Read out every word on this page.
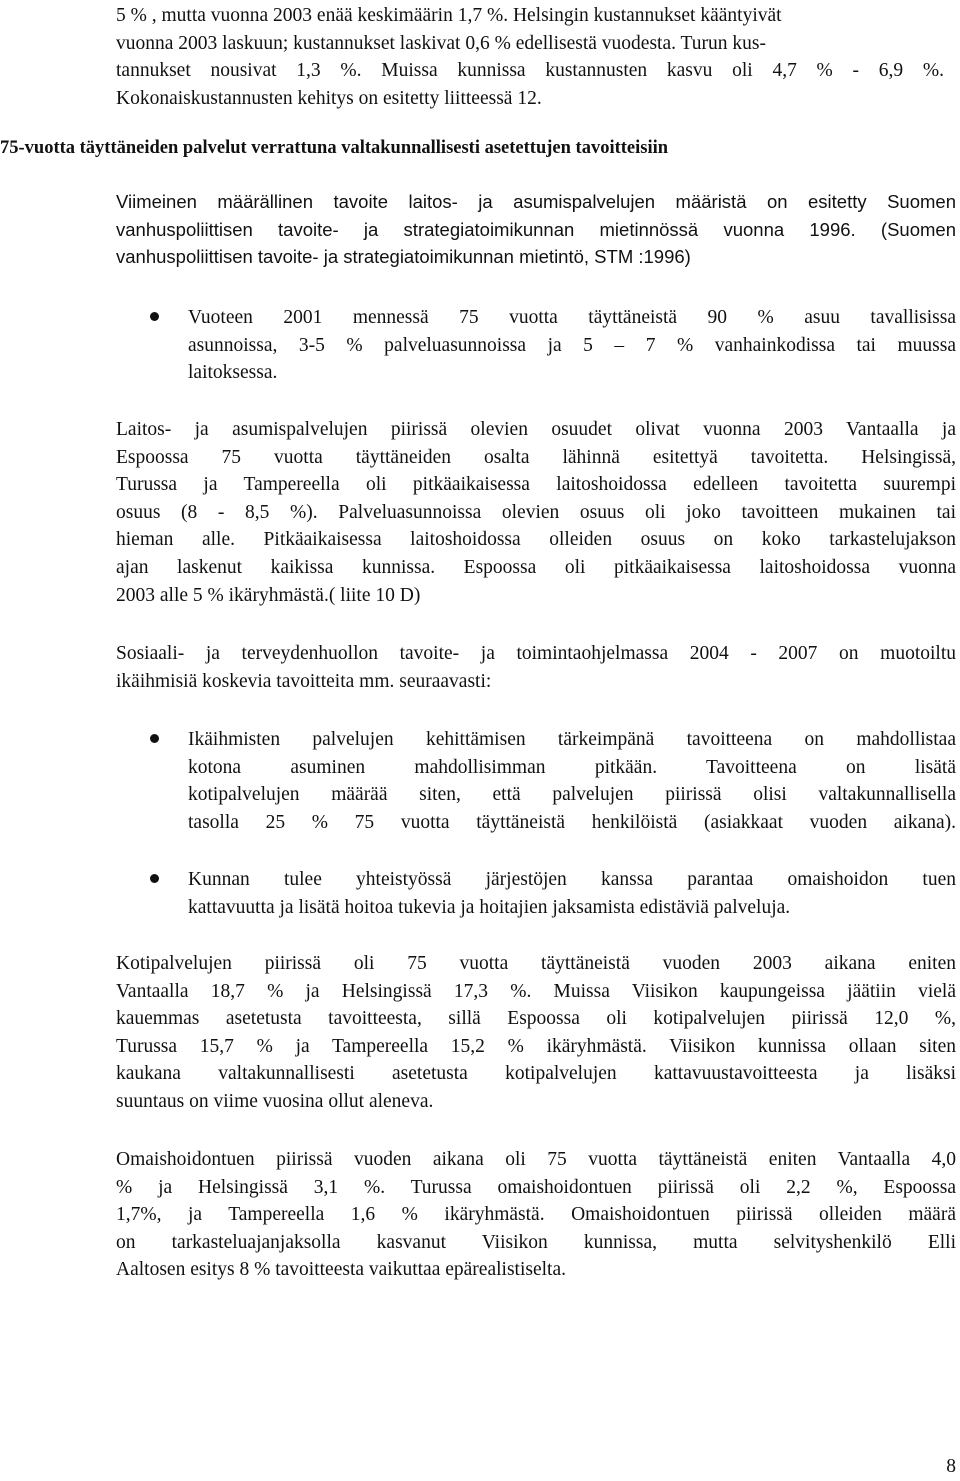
5 % , mutta vuonna 2003 enää keskimäärin 1,7 %. Helsingin kustannukset kääntyivät
vuonna 2003 laskuun; kustannukset laskivat 0,6 % edellisestä vuodesta. Turun kus-
tannukset nousivat 1,3 %. Muissa kunnissa kustannusten kasvu oli 4,7 % - 6,9 %.
Kokonaiskustannusten kehitys on esitetty liitteessä 12.
75-vuotta täyttäneiden palvelut verrattuna valtakunnallisesti asetettujen tavoitteisiin
Viimeinen määrällinen tavoite laitos- ja asumispalvelujen määristä on esitetty Suomen
vanhuspoliittisen tavoite- ja strategiatoimikunnan mietinnössä vuonna 1996. (Suomen
vanhuspoliittisen tavoite- ja strategiatoimikunnan mietintö, STM :1996)
Vuoteen 2001 mennessä 75 vuotta täyttäneistä 90 % asuu tavallisissa
asunnoissa, 3-5 % palveluasunnoissa ja 5 – 7 % vanhainkodissa tai muussa
laitoksessa.
Laitos- ja asumispalvelujen piirissä olevien osuudet olivat vuonna 2003 Vantaalla ja
Espoossa 75 vuotta täyttäneiden osalta lähinnä esitettyä tavoitetta. Helsingissä,
Turussa ja Tampereella oli pitkäaikaisessa laitoshoidossa edelleen tavoitetta suurempi
osuus (8 - 8,5 %). Palveluasunnoissa olevien osuus oli joko tavoitteen mukainen tai
hieman alle. Pitkäaikaisessa laitoshoidossa olleiden osuus on koko tarkastelujakson
ajan laskenut kaikissa kunnissa. Espoossa oli pitkäaikaisessa laitoshoidossa vuonna
2003 alle 5 % ikäryhmästä.( liite 10 D)
Sosiaali- ja terveydenhuollon tavoite- ja toimintaohjelmassa 2004 - 2007 on muotoiltu
ikäihmisiä koskevia tavoitteita mm. seuraavasti:
Ikäihmisten palvelujen kehittämisen tärkeimpänä tavoitteena on mahdollistaa
kotona asuminen mahdollisimman pitkään. Tavoitteena on lisätä
kotipalvelujen määrää siten, että palvelujen piirissä olisi valtakunnallisella
tasolla 25 % 75 vuotta täyttäneistä henkilöistä (asiakkaat vuoden aikana).
Kunnan tulee yhteistyössä järjestöjen kanssa parantaa omaishoidon tuen
kattavuutta ja lisätä hoitoa tukevia ja hoitajien jaksamista edistäviä palveluja.
Kotipalvelujen piirissä oli 75 vuotta täyttäneistä vuoden 2003 aikana eniten
Vantaalla 18,7 % ja Helsingissä 17,3 %. Muissa Viisikon kaupungeissa jäätiin vielä
kauemmas asetetusta tavoitteesta, sillä Espoossa oli kotipalvelujen piirissä 12,0 %,
Turussa 15,7 % ja Tampereella 15,2 % ikäryhmästä. Viisikon kunnissa ollaan siten
kaukana valtakunnallisesti asetetusta kotipalvelujen kattavuustavoitteesta ja lisäksi
suuntaus on viime vuosina ollut aleneva.
Omaishoidontuen piirissä vuoden aikana oli 75 vuotta täyttäneistä eniten Vantaalla 4,0
% ja Helsingissä 3,1 %. Turussa omaishoidontuen piirissä oli 2,2 %, Espoossa
1,7%, ja Tampereella 1,6 % ikäryhmästä. Omaishoidontuen piirissä olleiden määrä
on tarkasteluajanjaksolla kasvanut Viisikon kunnissa, mutta selvityshenkilö Elli
Aaltosen esitys 8 % tavoitteesta vaikuttaa epärealistiselta.
8
